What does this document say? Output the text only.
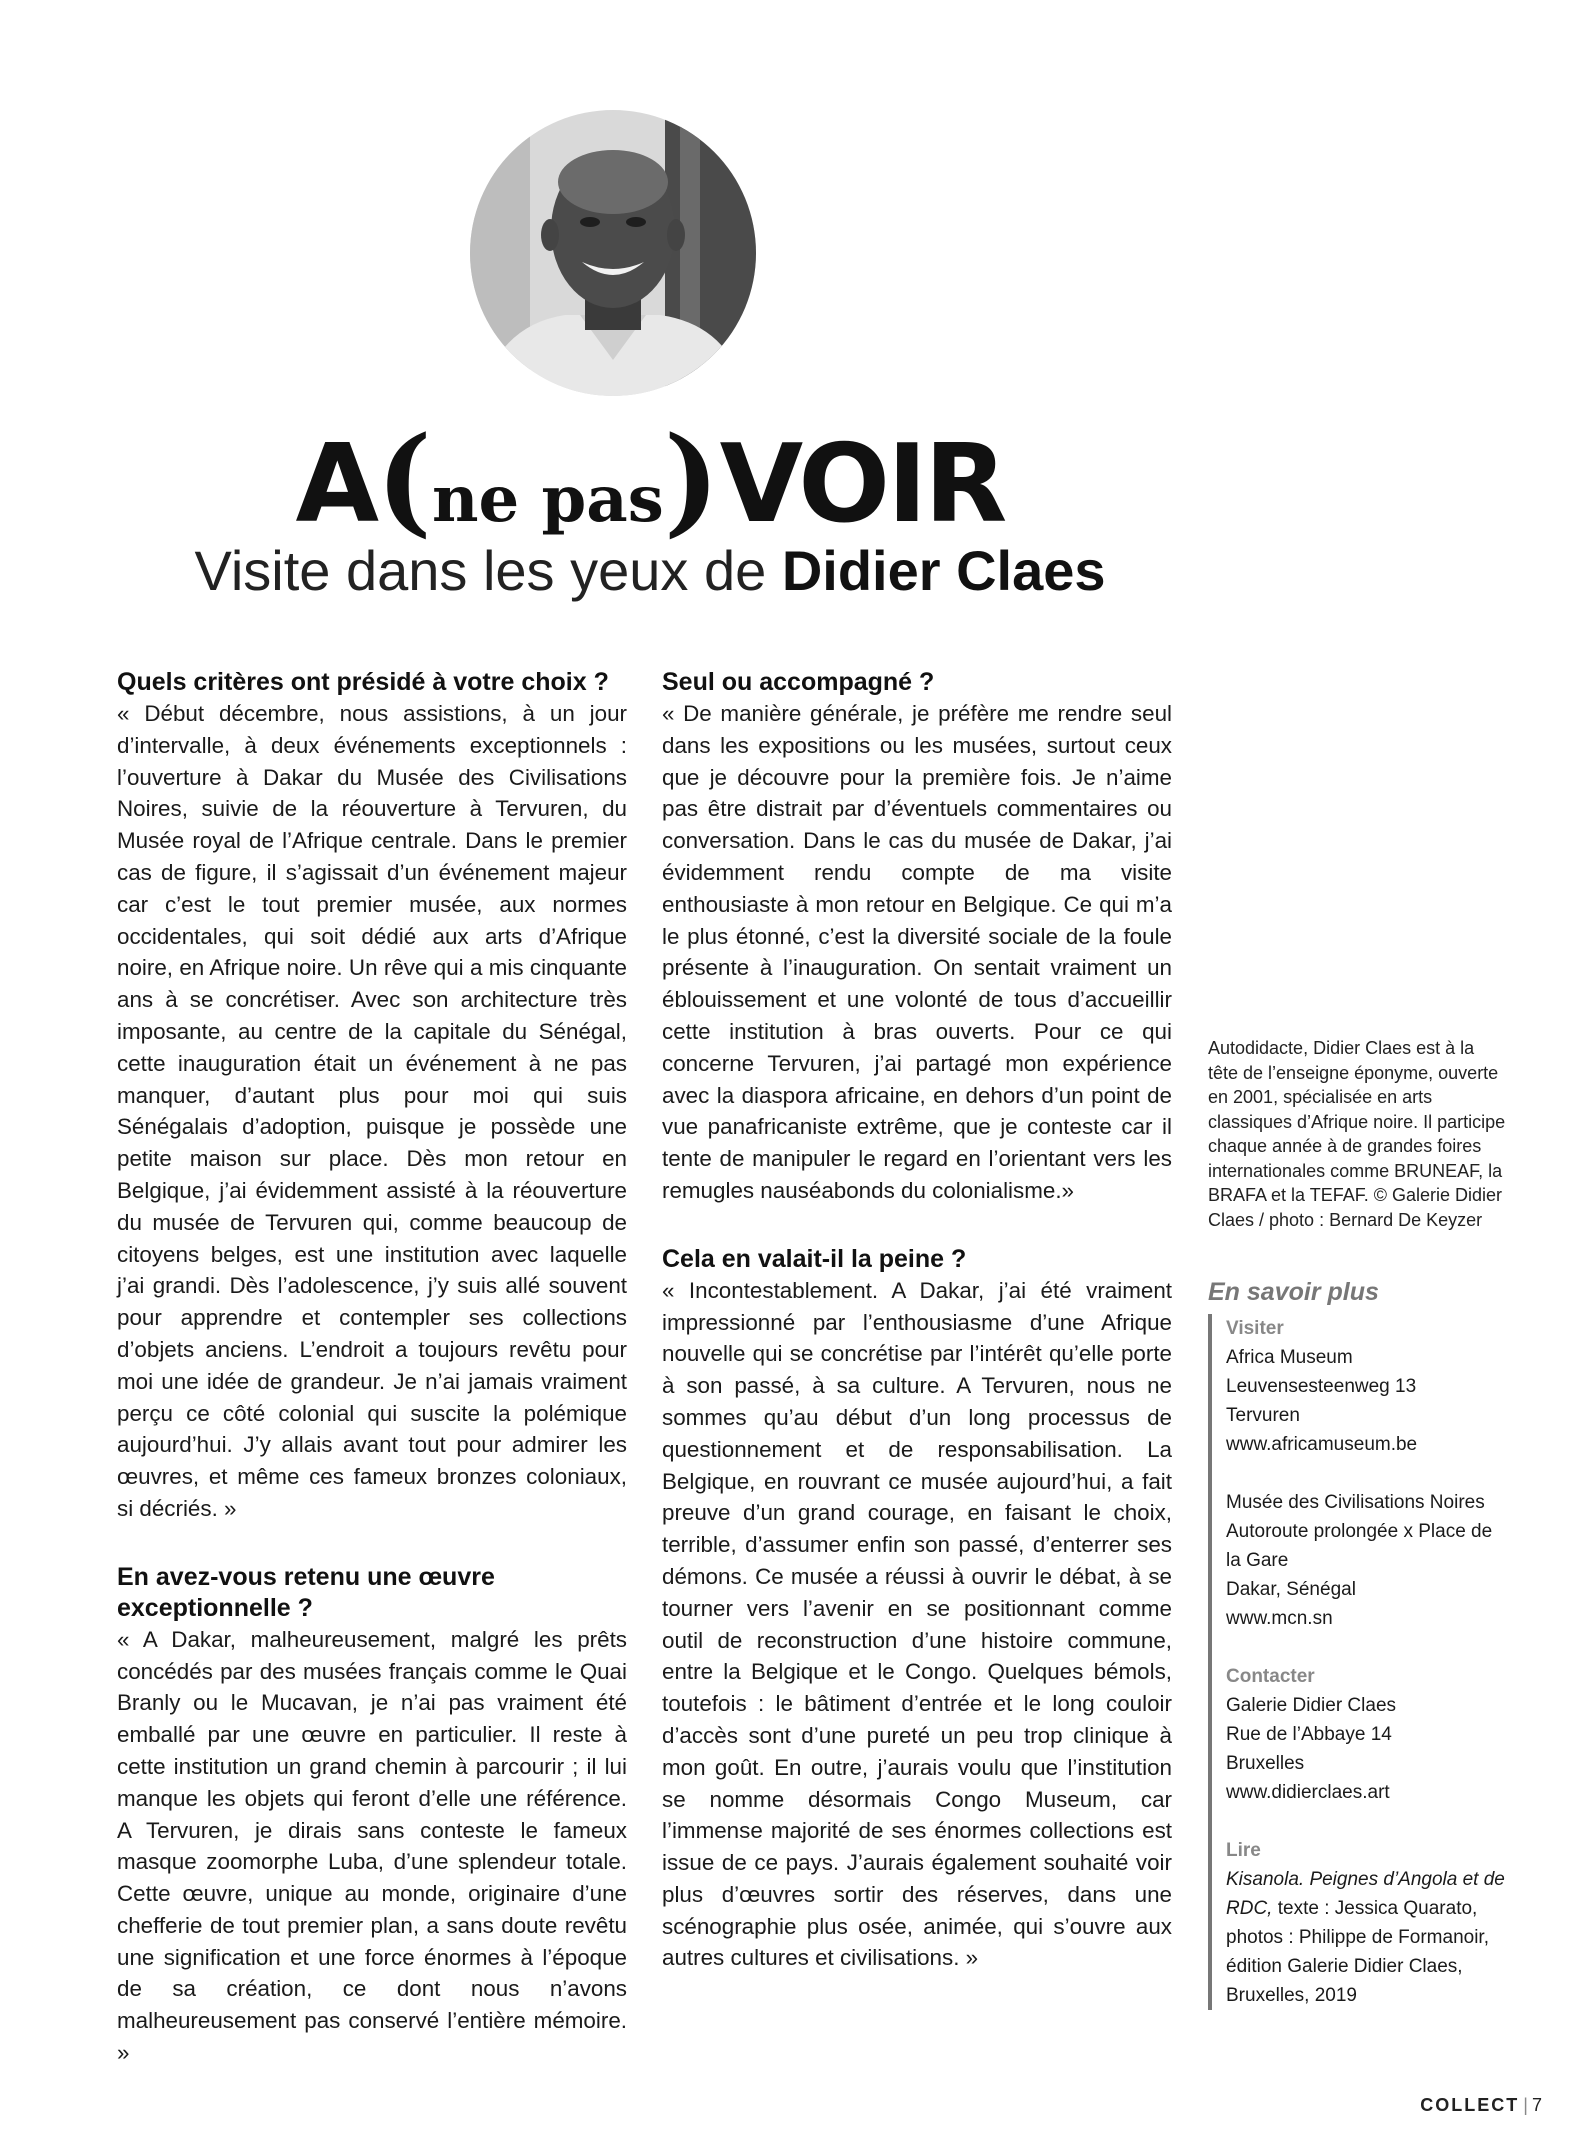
A(ne pas)VOIR
Visite dans les yeux de Didier Claes
Quels critères ont présidé à votre choix ?

« Début décembre, nous assistions, à un jour d’intervalle, à deux événements exceptionnels : l’ouverture à Dakar du Musée des Civilisations Noires, suivie de la réouverture à Tervuren, du Musée royal de l’Afrique centrale. Dans le premier cas de figure, il s’agissait d’un événement majeur car c’est le tout premier musée, aux normes occidentales, qui soit dédié aux arts d’Afrique noire, en Afrique noire. Un rêve qui a mis cinquante ans à se concrétiser. Avec son architecture très imposante, au centre de la capitale du Sénégal, cette inauguration était un événement à ne pas manquer, d’autant plus pour moi qui suis Sénégalais d’adoption, puisque je possède une petite maison sur place. Dès mon retour en Belgique, j’ai évidemment assisté à la réouverture du musée de Tervuren qui, comme beaucoup de citoyens belges, est une institution avec laquelle j’ai grandi. Dès l’adolescence, j’y suis allé souvent pour apprendre et contempler ses collections d’objets anciens. L’endroit a toujours revêtu pour moi une idée de grandeur. Je n’ai jamais vraiment perçu ce côté colonial qui suscite la polémique aujourd’hui. J’y allais avant tout pour admirer les œuvres, et même ces fameux bronzes coloniaux, si décriés. »

En avez-vous retenu une œuvre exceptionnelle ?

« A Dakar, malheureusement, malgré les prêts concédés par des musées français comme le Quai Branly ou le Mucavan, je n’ai pas vraiment été emballé par une œuvre en particulier. Il reste à cette institution un grand chemin à parcourir ; il lui manque les objets qui feront d’elle une référence. A Tervuren, je dirais sans conteste le fameux masque zoomorphe Luba, d’une splendeur totale. Cette œuvre, unique au monde, originaire d’une chefferie de tout premier plan, a sans doute revêtu une signification et une force énormes à l’époque de sa création, ce dont nous n’avons malheureusement pas conservé l’entière mémoire. »

Seul ou accompagné ?

« De manière générale, je préfère me rendre seul dans les expositions ou les musées, surtout ceux que je découvre pour la première fois. Je n’aime pas être distrait par d’éventuels commentaires ou conversation. Dans le cas du musée de Dakar, j’ai évidemment rendu compte de ma visite enthousiaste à mon retour en Belgique. Ce qui m’a le plus étonné, c’est la diversité sociale de la foule présente à l’inauguration. On sentait vraiment un éblouissement et une volonté de tous d’accueillir cette institution à bras ouverts. Pour ce qui concerne Tervuren, j’ai partagé mon expérience avec la diaspora africaine, en dehors d’un point de vue panafricaniste extrême, que je conteste car il tente de manipuler le regard en l’orientant vers les remugles nauséabonds du colonialisme.»

Cela en valait-il la peine ?

« Incontestablement. A Dakar, j’ai été vraiment impressionné par l’enthousiasme d’une Afrique nouvelle qui se concrétise par l’intérêt qu’elle porte à son passé, à sa culture. A Tervuren, nous ne sommes qu’au début d’un long processus de questionnement et de responsabilisation. La Belgique, en rouvrant ce musée aujourd’hui, a fait preuve d’un grand courage, en faisant le choix, terrible, d’assumer enfin son passé, d’enterrer ses démons. Ce musée a réussi à ouvrir le débat, à se tourner vers l’avenir en se positionnant comme outil de reconstruction d’une histoire commune, entre la Belgique et le Congo. Quelques bémols, toutefois : le bâtiment d’entrée et le long couloir d’accès sont d’une pureté un peu trop clinique à mon goût. En outre, j’aurais voulu que l’institution se nomme désormais Congo Museum, car l’immense majorité de ses énormes collections est issue de ce pays. J’aurais également souhaité voir plus d’œuvres sortir des réserves, dans une scénographie plus osée, animée, qui s’ouvre aux autres cultures et civilisations. »

Autodidacte, Didier Claes est à la tête de l’enseigne éponyme, ouverte en 2001, spécialisée en arts classiques d’Afrique noire. Il participe chaque année à de grandes foires internationales comme BRUNEAF, la BRAFA et la TEFAF. © Galerie Didier Claes / photo : Bernard De Keyzer
En savoir plus
Visiter
Africa Museum
Leuvensesteenweg 13
Tervuren
www.africamuseum.be
Musée des Civilisations Noires
Autoroute prolongée x Place de la Gare
Dakar, Sénégal
www.mcn.sn
Contacter
Galerie Didier Claes
Rue de l’Abbaye 14
Bruxelles
www.didierclaes.art
Lire
Kisanola. Peignes d’Angola et de RDC, texte : Jessica Quarato, photos : Philippe de Formanoir, édition Galerie Didier Claes, Bruxelles, 2019
COLLECT | 7
